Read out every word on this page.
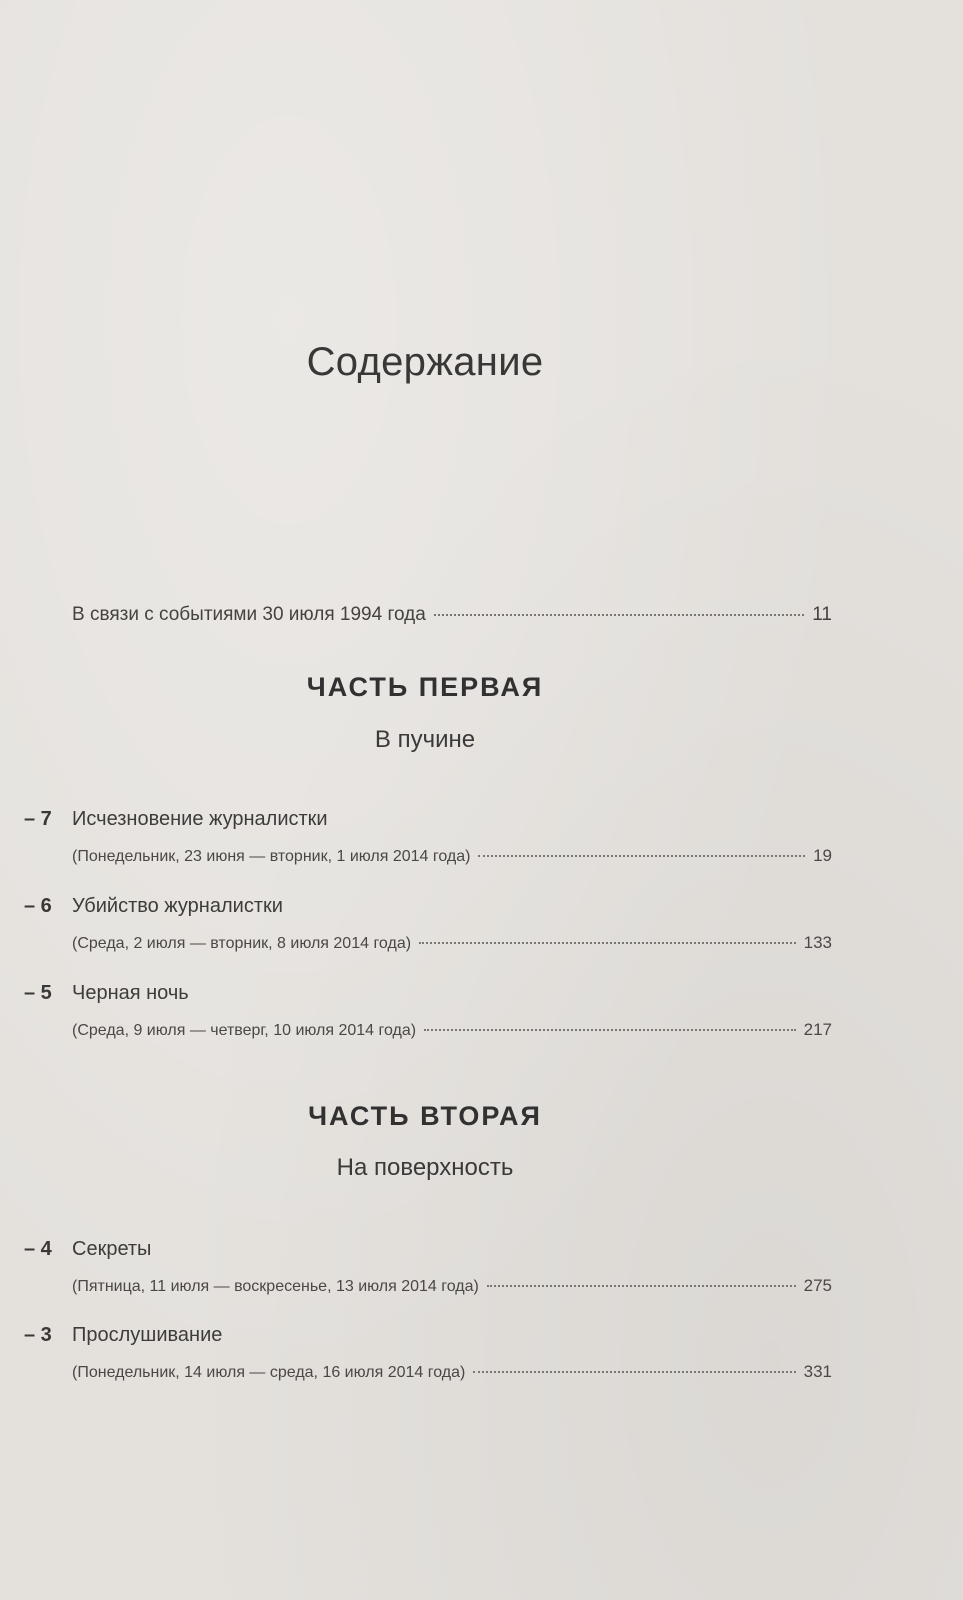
Содержание
В связи с событиями 30 июля 1994 года	11
ЧАСТЬ ПЕРВАЯ
В пучине
– 7 Исчезновение журналистки
(Понедельник, 23 июня — вторник, 1 июля 2014 года)	19
– 6 Убийство журналистки
(Среда, 2 июля — вторник, 8 июля 2014 года)	133
– 5 Черная ночь
(Среда, 9 июля — четверг, 10 июля 2014 года)	217
ЧАСТЬ ВТОРАЯ
На поверхность
– 4 Секреты
(Пятница, 11 июля — воскресенье, 13 июля 2014 года)	275
– 3 Прослушивание
(Понедельник, 14 июля — среда, 16 июля 2014 года)	331
